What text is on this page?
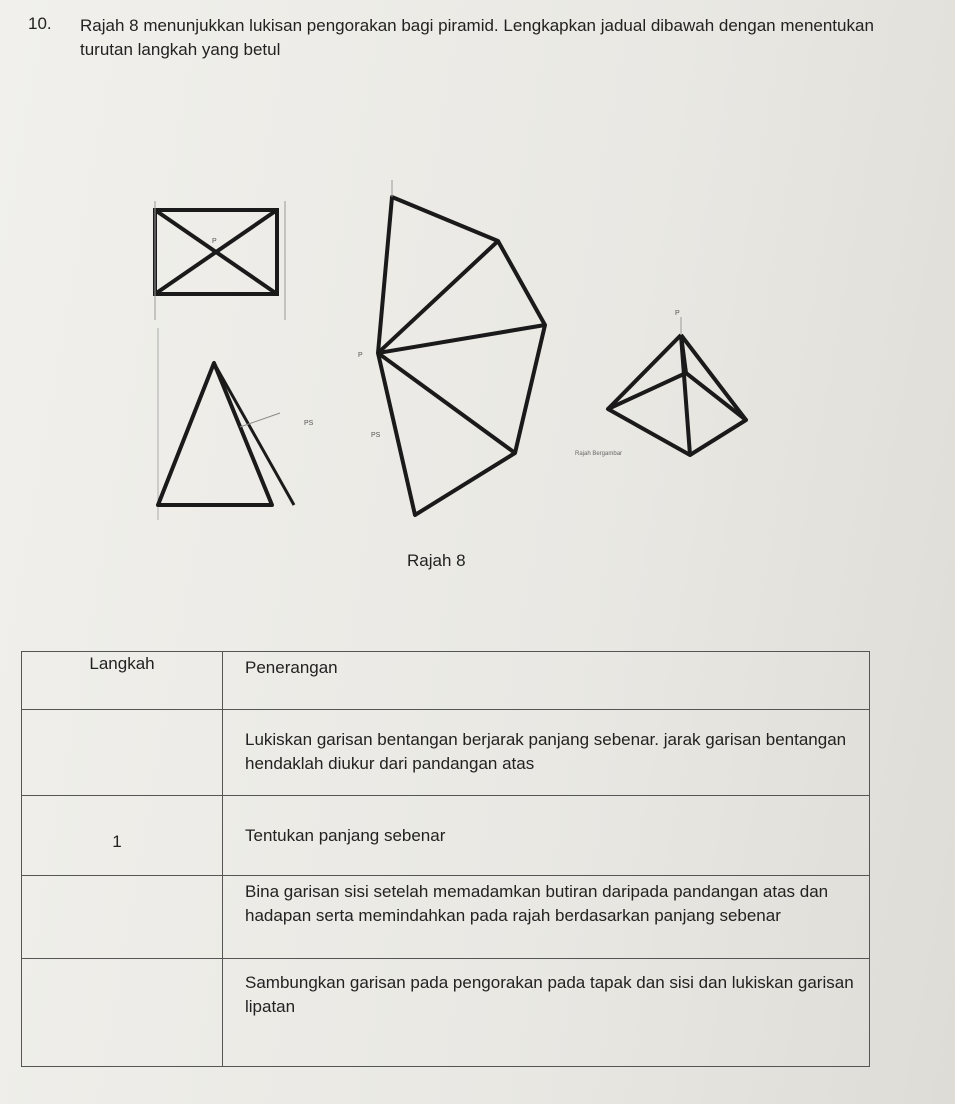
10. Rajah 8 menunjukkan lukisan pengorakan bagi piramid. Lengkapkan jadual dibawah dengan menentukan turutan langkah yang betul
P
PS
PS
P
P
Rajah Bergambar
Rajah 8
Langkah	Penerangan

	Lukiskan garisan bentangan berjarak panjang sebenar. jarak garisan bentangan hendaklah diukur dari pandangan atas

1	Tentukan panjang sebenar

	Bina garisan sisi setelah memadamkan butiran daripada pandangan atas dan hadapan serta memindahkan pada rajah berdasarkan panjang sebenar

	Sambungkan garisan pada pengorakan pada tapak dan sisi dan lukiskan garisan lipatan
